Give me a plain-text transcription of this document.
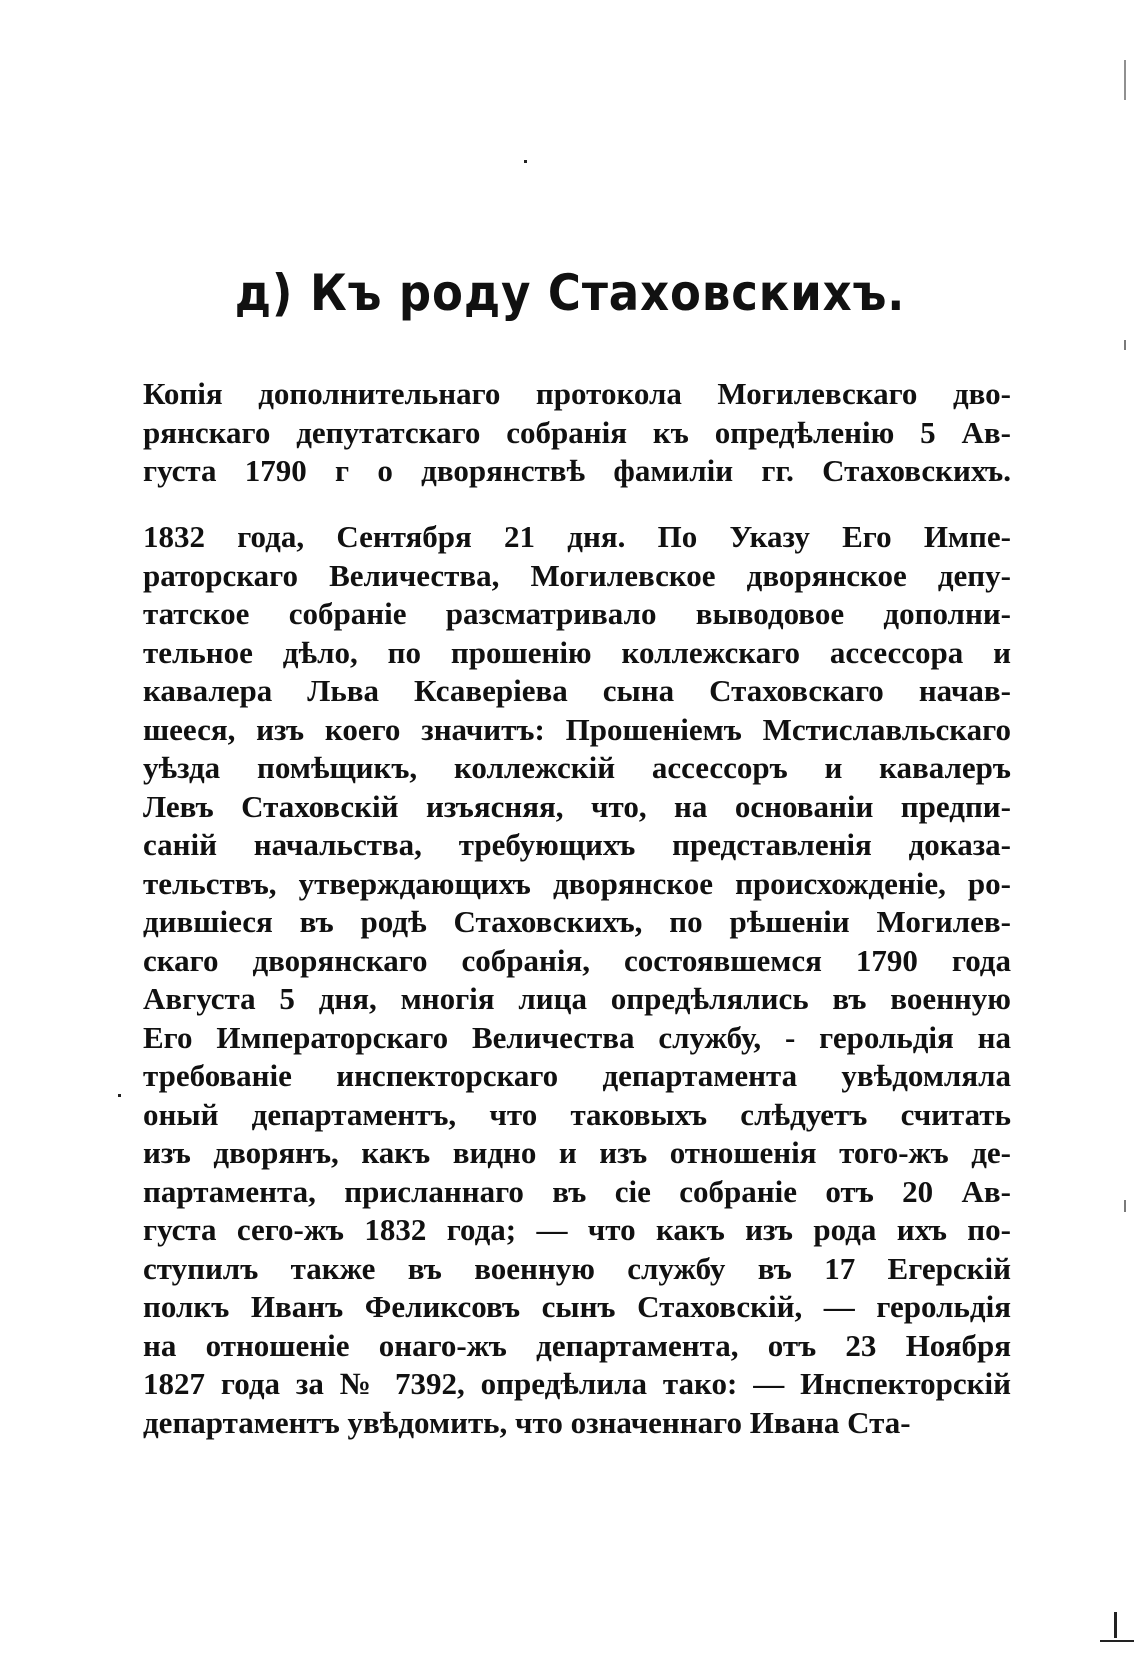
д) Къ роду Стаховскихъ.
Копія дополнительнаго протокола Могилевскаго дво-
рянскаго депутатскаго собранія къ опредѣленію 5 Ав-
густа 1790 г о дворянствѣ фамиліи гг. Стаховскихъ.
1832 года, Сентября 21 дня. По Указу Его Импе-
раторскаго Величества, Могилевское дворянское депу-
татское собраніе разсматривало выводовое дополни-
тельное дѣло, по прошенію коллежскаго ассессора и
кавалера Льва Ксаверіева сына Стаховскаго начав-
шееся, изъ коего значитъ: Прошеніемъ Мстиславльскаго
уѣзда помѣщикъ, коллежскій ассессоръ и кавалеръ
Левъ Стаховскій изъясняя, что, на основаніи предпи-
саній начальства, требующихъ представленія доказа-
тельствъ, утверждающихъ дворянское происхожденіе, ро-
дившіеся въ родѣ Стаховскихъ, по рѣшеніи Могилев-
скаго дворянскаго собранія, состоявшемся 1790 года
Августа 5 дня, многія лица опредѣлялись въ военную
Его Императорскаго Величества службу, - герольдія на
требованіе инспекторскаго департамента увѣдомляла
оный департаментъ, что таковыхъ слѣдуетъ считать
изъ дворянъ, какъ видно и изъ отношенія того-жъ де-
партамента, присланнаго въ сіе собраніе отъ 20 Ав-
густа сего-жъ 1832 года; — что какъ изъ рода ихъ по-
ступилъ также въ военную службу въ 17 Егерскій
полкъ Иванъ Феликсовъ сынъ Стаховскій, — герольдія
на отношеніе онаго-жъ департамента, отъ 23 Ноября
1827 года за № 7392, опредѣлила тако: — Инспекторскій
департаментъ увѣдомить, что означеннаго Ивана Ста-
